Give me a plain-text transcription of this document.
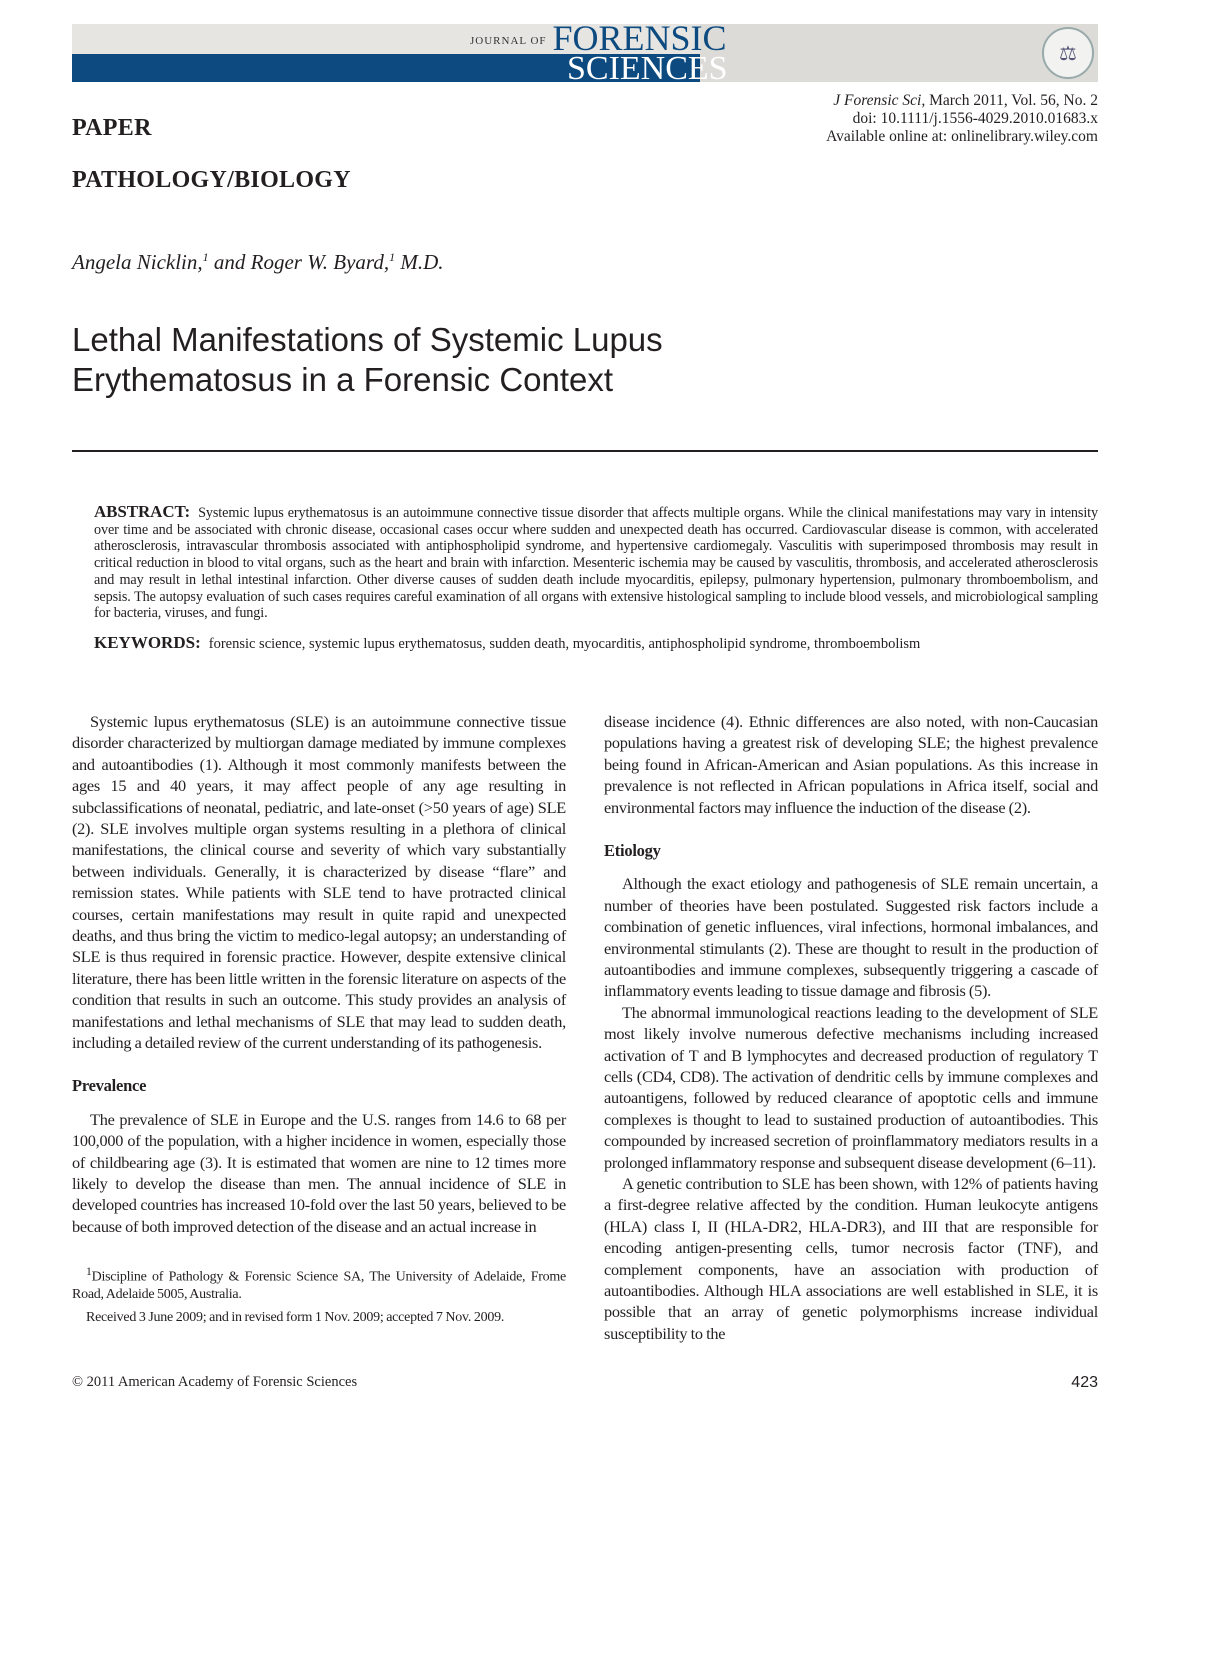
JOURNAL OF FORENSIC
SCIENCES	⚖
J Forensic Sci, March 2011, Vol. 56, No. 2
doi: 10.1111/j.1556-4029.2010.01683.x
Available online at: onlinelibrary.wiley.com
PAPER
PATHOLOGY/BIOLOGY
Angela Nicklin,$^1$ and Roger W. Byard,$^1$ M.D.
Lethal Manifestations of Systemic Lupus
Erythematosus in a Forensic Context
ABSTRACT: Systemic lupus erythematosus is an autoimmune connective tissue disorder that affects multiple organs. While the clinical manifestations may vary in intensity over time and be associated with chronic disease, occasional cases occur where sudden and unexpected death has occurred. Cardiovascular disease is common, with accelerated atherosclerosis, intravascular thrombosis associated with antiphospholipid syndrome, and hypertensive cardiomegaly. Vasculitis with superimposed thrombosis may result in critical reduction in blood to vital organs, such as the heart and brain with infarction. Mesenteric ischemia may be caused by vasculitis, thrombosis, and accelerated atherosclerosis and may result in lethal intestinal infarction. Other diverse causes of sudden death include myocarditis, epilepsy, pulmonary hypertension, pulmonary thromboembolism, and sepsis. The autopsy evaluation of such cases requires careful examination of all organs with extensive histological sampling to include blood vessels, and microbiological sampling for bacteria, viruses, and fungi.
KEYWORDS: forensic science, systemic lupus erythematosus, sudden death, myocarditis, antiphospholipid syndrome, thromboembolism

Systemic lupus erythematosus (SLE) is an autoimmune connective tissue disorder characterized by multiorgan damage mediated by immune complexes and autoantibodies (1). Although it most commonly manifests between the ages 15 and 40 years, it may affect people of any age resulting in subclassifications of neonatal, pediatric, and late-onset (>50 years of age) SLE (2). SLE involves multiple organ systems resulting in a plethora of clinical manifestations, the clinical course and severity of which vary substantially between individuals. Generally, it is characterized by disease “flare” and remission states. While patients with SLE tend to have protracted clinical courses, certain manifestations may result in quite rapid and unexpected deaths, and thus bring the victim to medico-legal autopsy; an understanding of SLE is thus required in forensic practice. However, despite extensive clinical literature, there has been little written in the forensic literature on aspects of the condition that results in such an outcome. This study provides an analysis of manifestations and lethal mechanisms of SLE that may lead to sudden death, including a detailed review of the current understanding of its pathogenesis.

Prevalence

The prevalence of SLE in Europe and the U.S. ranges from 14.6 to 68 per 100,000 of the population, with a higher incidence in women, especially those of childbearing age (3). It is estimated that women are nine to 12 times more likely to develop the disease than men. The annual incidence of SLE in developed countries has increased 10-fold over the last 50 years, believed to be because of both improved detection of the disease and an actual increase in

$^1$Discipline of Pathology & Forensic Science SA, The University of Adelaide, Frome Road, Adelaide 5005, Australia.

Received 3 June 2009; and in revised form 1 Nov. 2009; accepted 7 Nov. 2009.

disease incidence (4). Ethnic differences are also noted, with non-Caucasian populations having a greatest risk of developing SLE; the highest prevalence being found in African-American and Asian populations. As this increase in prevalence is not reflected in African populations in Africa itself, social and environmental factors may influence the induction of the disease (2).

Etiology

Although the exact etiology and pathogenesis of SLE remain uncertain, a number of theories have been postulated. Suggested risk factors include a combination of genetic influences, viral infections, hormonal imbalances, and environmental stimulants (2). These are thought to result in the production of autoantibodies and immune complexes, subsequently triggering a cascade of inflammatory events leading to tissue damage and fibrosis (5).

The abnormal immunological reactions leading to the development of SLE most likely involve numerous defective mechanisms including increased activation of T and B lymphocytes and decreased production of regulatory T cells (CD4, CD8). The activation of dendritic cells by immune complexes and autoantigens, followed by reduced clearance of apoptotic cells and immune complexes is thought to lead to sustained production of autoantibodies. This compounded by increased secretion of proinflammatory mediators results in a prolonged inflammatory response and subsequent disease development (6–11).

A genetic contribution to SLE has been shown, with 12% of patients having a first-degree relative affected by the condition. Human leukocyte antigens (HLA) class I, II (HLA-DR2, HLA-DR3), and III that are responsible for encoding antigen-presenting cells, tumor necrosis factor (TNF), and complement components, have an association with production of autoantibodies. Although HLA associations are well established in SLE, it is possible that an array of genetic polymorphisms increase individual susceptibility to the

© 2011 American Academy of Forensic Sciences	423
